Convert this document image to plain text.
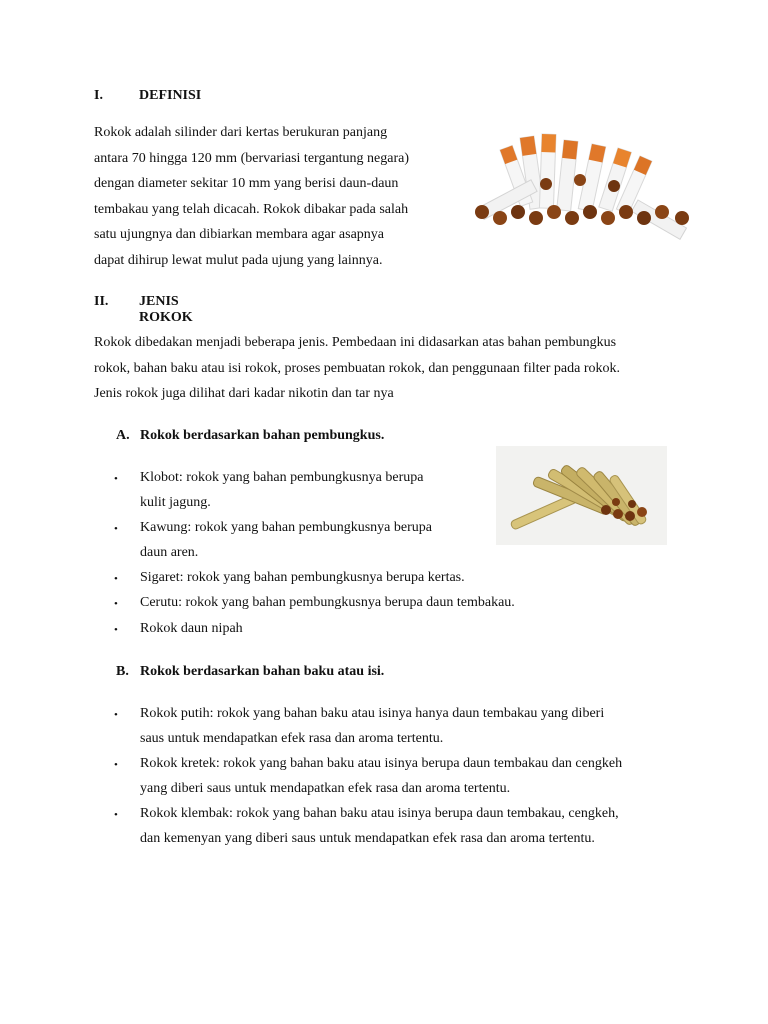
I.	DEFINISI
Rokok adalah silinder dari kertas berukuran panjang
antara 70 hingga 120 mm (bervariasi tergantung negara)
dengan diameter sekitar 10 mm yang berisi daun-daun
tembakau yang telah dicacah. Rokok dibakar pada salah
satu ujungnya dan dibiarkan membara agar asapnya
dapat dihirup lewat mulut pada ujung yang lainnya.
II. JENIS ROKOK
Rokok dibedakan menjadi beberapa jenis. Pembedaan ini didasarkan atas bahan pembungkus
rokok, bahan baku atau isi rokok, proses pembuatan rokok, dan penggunaan filter pada rokok.
Jenis rokok juga dilihat dari kadar nikotin dan tar nya
A. Rokok berdasarkan bahan pembungkus.
• Klobot: rokok yang bahan pembungkusnya berupa
kulit jagung.
• Kawung: rokok yang bahan pembungkusnya berupa
daun aren.
• Sigaret: rokok yang bahan pembungkusnya berupa kertas.
• Cerutu: rokok yang bahan pembungkusnya berupa daun tembakau.
• Rokok daun nipah
B. Rokok berdasarkan bahan baku atau isi.
• Rokok putih: rokok yang bahan baku atau isinya hanya daun tembakau yang diberi
saus untuk mendapatkan efek rasa dan aroma tertentu.
• Rokok kretek: rokok yang bahan baku atau isinya berupa daun tembakau dan cengkeh
yang diberi saus untuk mendapatkan efek rasa dan aroma tertentu.
• Rokok klembak: rokok yang bahan baku atau isinya berupa daun tembakau, cengkeh,
dan kemenyan yang diberi saus untuk mendapatkan efek rasa dan aroma tertentu.
